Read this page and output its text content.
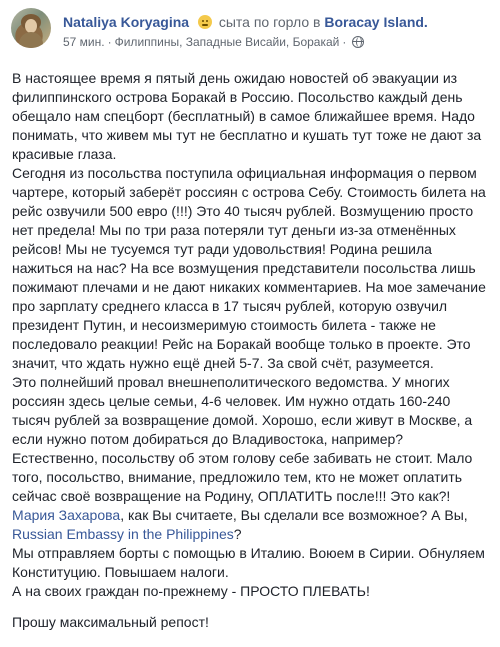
Nataliya Koryagina сыта по горло в Boracay Island.
57 мин. · Филиппины, Западные Висайи, Боракай ·

В настоящее время я пятый день ожидаю новостей об эвакуации из филиппинского острова Боракай в Россию. Посольство каждый день обещало нам спецборт (бесплатный) в самое ближайшее время. Надо понимать, что живем мы тут не бесплатно и кушать тут тоже не дают за красивые глаза.

Сегодня из посольства поступила официальная информация о первом чартере, который заберёт россиян с острова Себу. Стоимость билета на рейс озвучили 500 евро (!!!) Это 40 тысяч рублей. Возмущению просто нет предела! Мы по три раза потеряли тут деньги из-за отменённых рейсов! Мы не тусуемся тут ради удовольствия! Родина решила нажиться на нас? На все возмущения представители посольства лишь пожимают плечами и не дают никаких комментариев. На мое замечание про зарплату среднего класса в 17 тысяч рублей, которую озвучил президент Путин, и несоизмеримую стоимость билета - также не последовало реакции! Рейс на Боракай вообще только в проекте. Это значит, что ждать нужно ещё дней 5-7. За свой счёт, разумеется.

Это полнейший провал внешнеполитического ведомства. У многих россиян здесь целые семьи, 4-6 человек. Им нужно отдать 160-240 тысяч рублей за возвращение домой. Хорошо, если живут в Москве, а если нужно потом добираться до Владивостока, например? Естественно, посольству об этом голову себе забивать не стоит. Мало того, посольство, внимание, предложило тем, кто не может оплатить сейчас своё возвращение на Родину, ОПЛАТИТЬ после!!! Это как?! Мария Захарова, как Вы считаете, Вы сделали все возможное? А Вы, Russian Embassy in the Philippines?

Мы отправляем борты с помощью в Италию. Воюем в Сирии. Обнуляем Конституцию. Повышаем налоги.

А на своих граждан по-прежнему - ПРОСТО ПЛЕВАТЬ!

Прошу максимальный репост!
